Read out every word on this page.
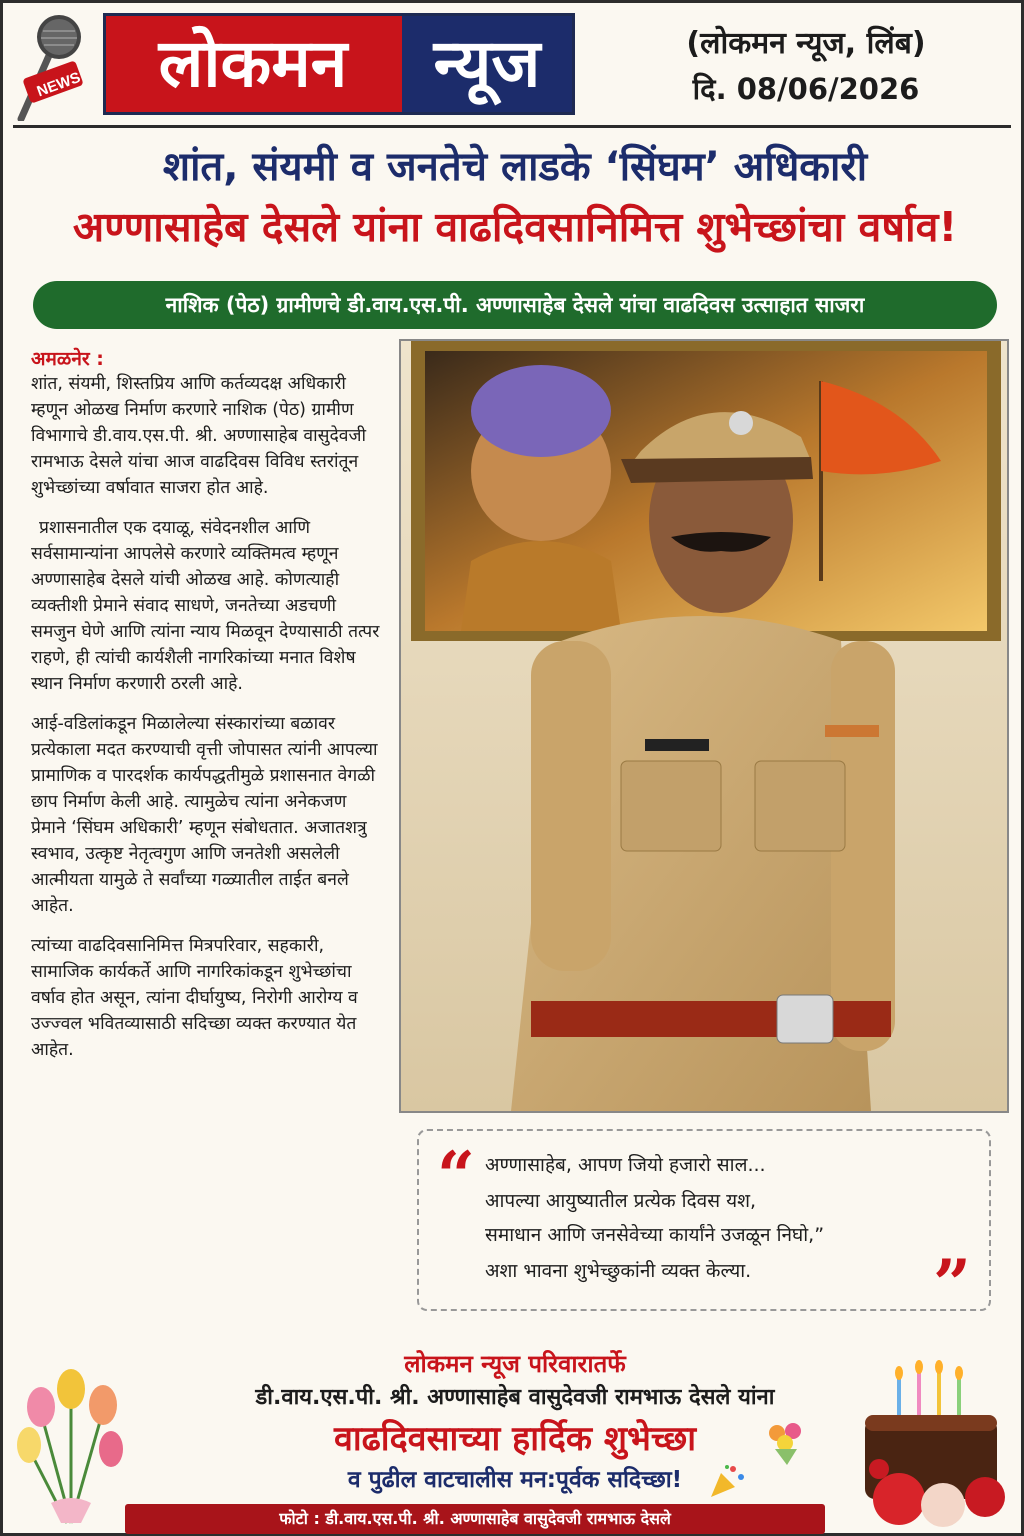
NEWS	लोकमन	न्यूज	(लोकमन न्यूज, लिंब)
दि. 08/06/2026
शांत, संयमी व जनतेचे लाडके ‘सिंघम’ अधिकारी
अण्णासाहेब देसले यांना वाढदिवसानिमित्त शुभेच्छांचा वर्षाव!
नाशिक (पेठ) ग्रामीणचे डी.वाय.एस.पी. अण्णासाहेब देसले यांचा वाढदिवस उत्साहात साजरा
अमळनेर :

शांत, संयमी, शिस्तप्रिय आणि कर्तव्यदक्ष अधिकारी म्हणून ओळख निर्माण करणारे नाशिक (पेठ) ग्रामीण विभागाचे डी.वाय.एस.पी. श्री. अण्णासाहेब वासुदेवजी रामभाऊ देसले यांचा आज वाढदिवस विविध स्तरांतून शुभेच्छांच्या वर्षावात साजरा होत आहे.

प्रशासनातील एक दयाळू, संवेदनशील आणि सर्वसामान्यांना आपलेसे करणारे व्यक्तिमत्व म्हणून अण्णासाहेब देसले यांची ओळख आहे. कोणत्याही व्यक्तीशी प्रेमाने संवाद साधणे, जनतेच्या अडचणी समजुन घेणे आणि त्यांना न्याय मिळवून देण्यासाठी तत्पर राहणे, ही त्यांची कार्यशैली नागरिकांच्या मनात विशेष स्थान निर्माण करणारी ठरली आहे.

आई-वडिलांकडून मिळालेल्या संस्कारांच्या बळावर प्रत्येकाला मदत करण्याची वृत्ती जोपासत त्यांनी आपल्या प्रामाणिक व पारदर्शक कार्यपद्धतीमुळे प्रशासनात वेगळी छाप निर्माण केली आहे. त्यामुळेच त्यांना अनेकजण प्रेमाने ‘सिंघम अधिकारी’ म्हणून संबोधतात. अजातशत्रु स्वभाव, उत्कृष्ट नेतृत्वगुण आणि जनतेशी असलेली आत्मीयता यामुळे ते सर्वांच्या गळ्यातील ताईत बनले आहेत.

त्यांच्या वाढदिवसानिमित्त मित्रपरिवार, सहकारी, सामाजिक कार्यकर्ते आणि नागरिकांकडून शुभेच्छांचा वर्षाव होत असून, त्यांना दीर्घायुष्य, निरोगी आरोग्य व उज्ज्वल भवितव्यासाठी सदिच्छा व्यक्त करण्यात येत आहेत.

“ अण्णासाहेब, आपण जियो हजारो साल...
आपल्या आयुष्यातील प्रत्येक दिवस यश,
समाधान आणि जनसेवेच्या कार्यांने उजळून निघो,”
अशा भावना शुभेच्छुकांनी व्यक्त केल्या.	”
लोकमन न्यूज परिवारातर्फे
डी.वाय.एस.पी. श्री. अण्णासाहेब वासुदेवजी रामभाऊ देसले यांना
वाढदिवसाच्या हार्दिक शुभेच्छा
व पुढील वाटचालीस मन:पूर्वक सदिच्छा!
फोटो : डी.वाय.एस.पी. श्री. अण्णासाहेब वासुदेवजी रामभाऊ देसले
